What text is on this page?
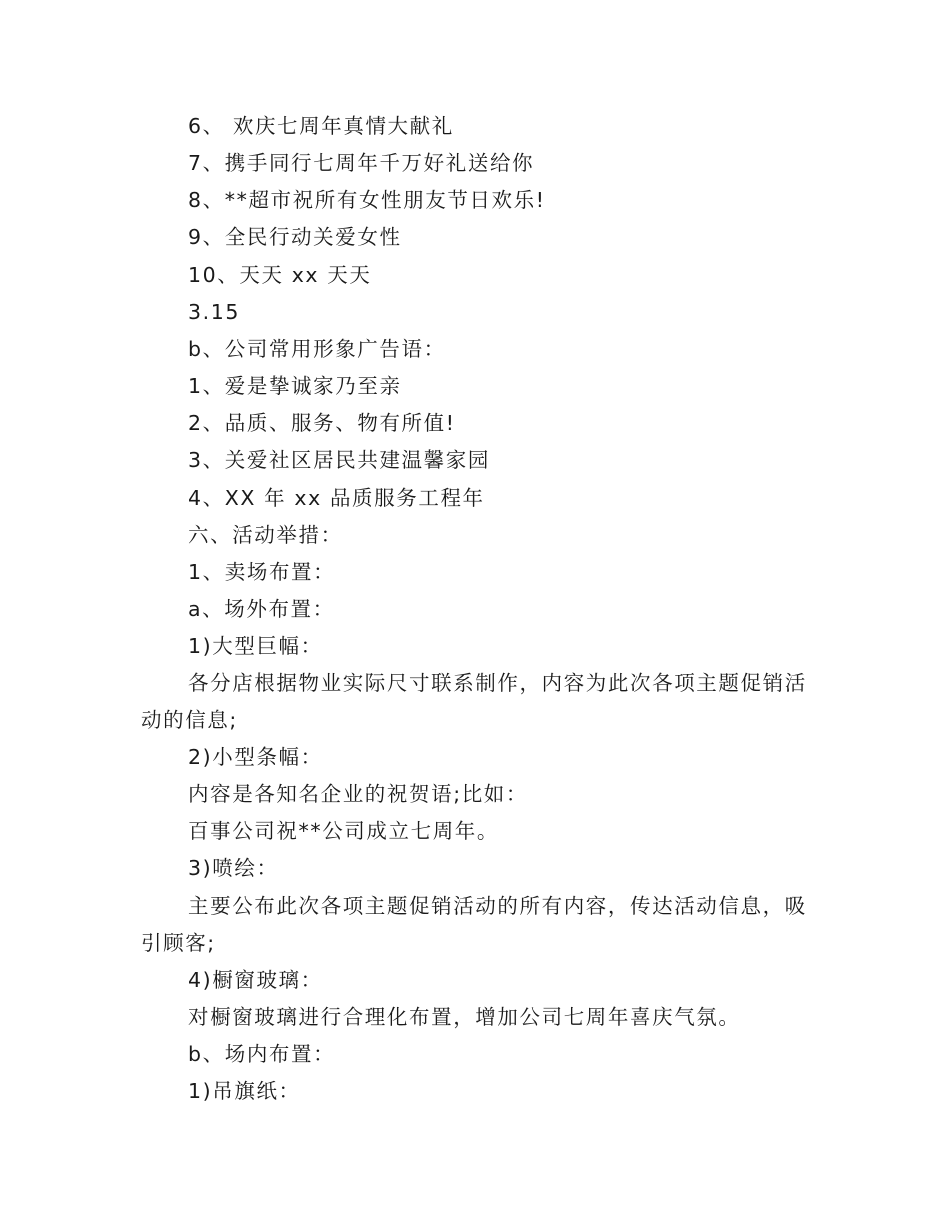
6、 欢庆七周年真情大献礼
7、携手同行七周年千万好礼送给你
8、**超市祝所有女性朋友节日欢乐!
9、全民行动关爱女性
10、天天 xx 天天
3.15
b、公司常用形象广告语：
1、爱是挚诚家乃至亲
2、品质、服务、物有所值!
3、关爱社区居民共建温馨家园
4、XX 年 xx 品质服务工程年
六、活动举措：
1、卖场布置：
a、场外布置：
1)大型巨幅：
各分店根据物业实际尺寸联系制作，内容为此次各项主题促销活
动的信息;
2)小型条幅：
内容是各知名企业的祝贺语;比如：
百事公司祝**公司成立七周年。
3)喷绘：
主要公布此次各项主题促销活动的所有内容，传达活动信息，吸
引顾客;
4)橱窗玻璃：
对橱窗玻璃进行合理化布置，增加公司七周年喜庆气氛。
b、场内布置：
1)吊旗纸：
